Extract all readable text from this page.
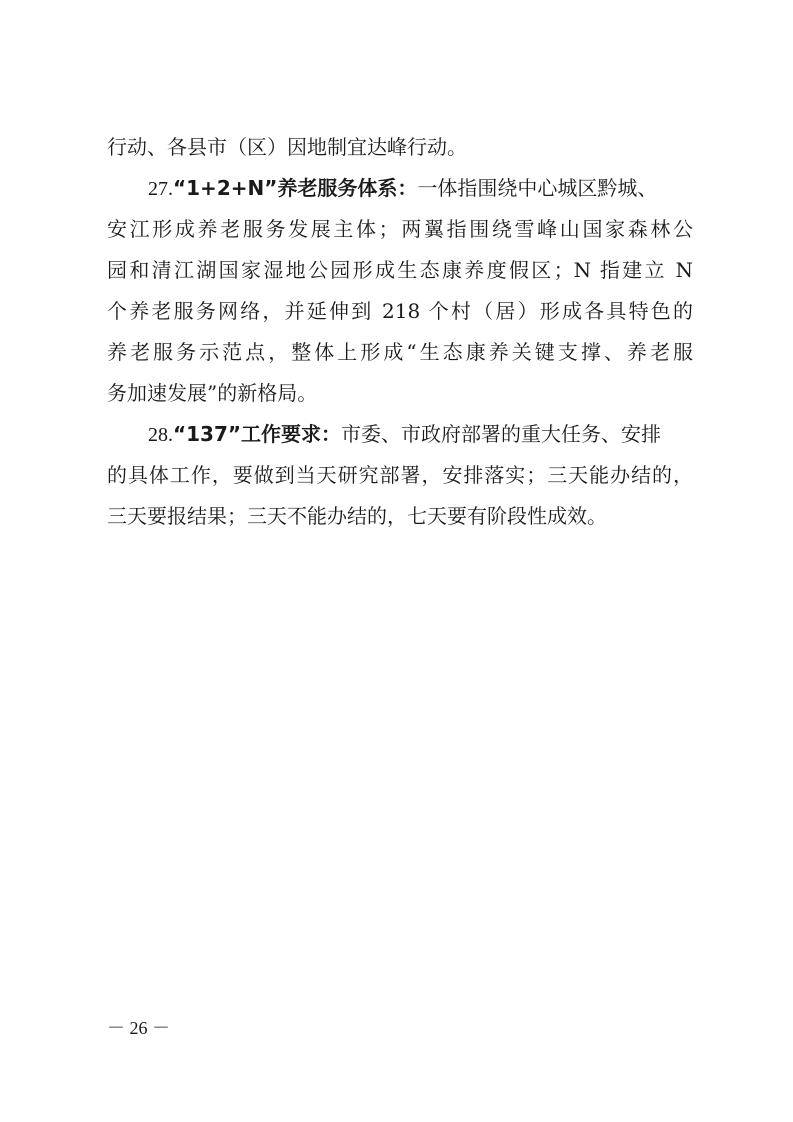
行动、各县市（区）因地制宜达峰行动。
27.“1+2+N”养老服务体系：一体指围绕中心城区黔城、
安江形成养老服务发展主体；两翼指围绕雪峰山国家森林公
园和清江湖国家湿地公园形成生态康养度假区；N 指建立 N
个养老服务网络，并延伸到 218 个村（居）形成各具特色的
养老服务示范点，整体上形成“生态康养关键支撑、养老服
务加速发展”的新格局。
28.“137”工作要求：市委、市政府部署的重大任务、安排
的具体工作，要做到当天研究部署，安排落实；三天能办结的，
三天要报结果；三天不能办结的，七天要有阶段性成效。
－ 26 －
